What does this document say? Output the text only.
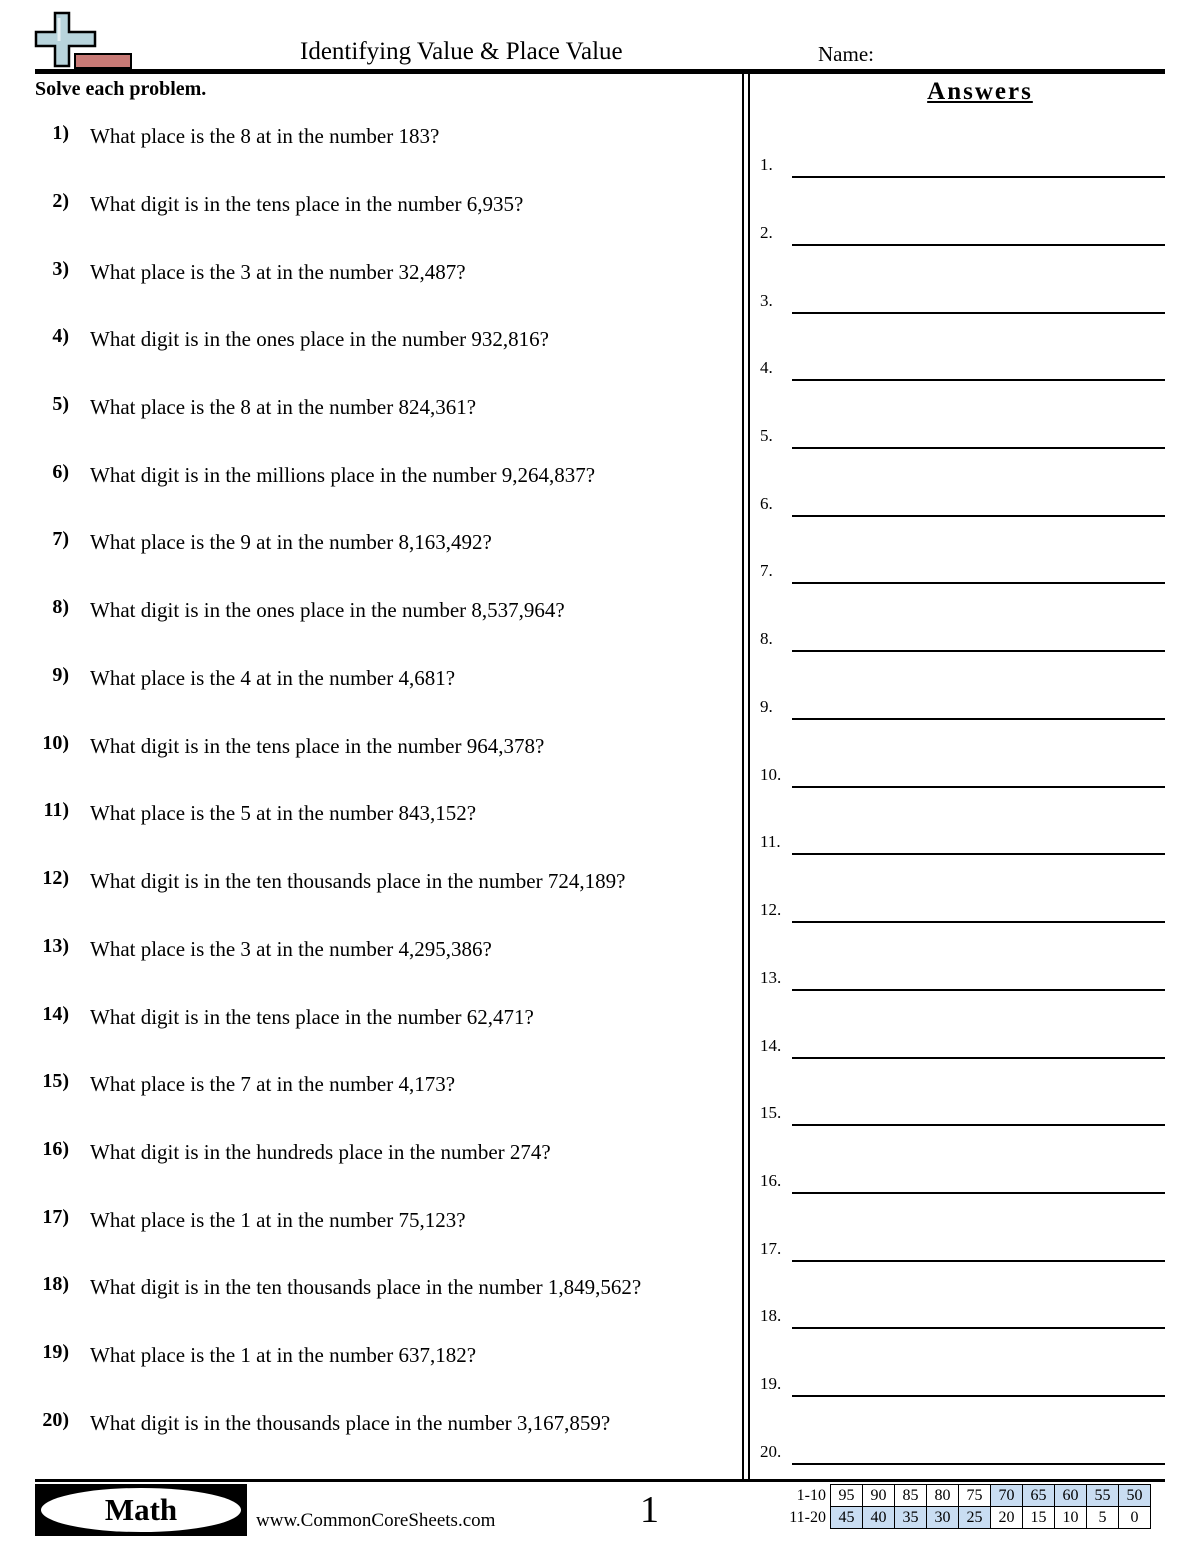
Identifying Value & Place Value	Name:
Solve each problem.
1) What place is the 8 at in the number 183?
2) What digit is in the tens place in the number 6,935?
3) What place is the 3 at in the number 32,487?
4) What digit is in the ones place in the number 932,816?
5) What place is the 8 at in the number 824,361?
6) What digit is in the millions place in the number 9,264,837?
7) What place is the 9 at in the number 8,163,492?
8) What digit is in the ones place in the number 8,537,964?
9) What place is the 4 at in the number 4,681?
10) What digit is in the tens place in the number 964,378?
11) What place is the 5 at in the number 843,152?
12) What digit is in the ten thousands place in the number 724,189?
13) What place is the 3 at in the number 4,295,386?
14) What digit is in the tens place in the number 62,471?
15) What place is the 7 at in the number 4,173?
16) What digit is in the hundreds place in the number 274?
17) What place is the 1 at in the number 75,123?
18) What digit is in the ten thousands place in the number 1,849,562?
19) What place is the 1 at in the number 637,182?
20) What digit is in the thousands place in the number 3,167,859?
Answers
1.
2.
3.
4.
5.
6.
7.
8.
9.
10.
11.
12.
13.
14.
15.
16.
17.
18.
19.
20.
Math	www.CommonCoreSheets.com	1	1-10	95	90	85	80	75	70	65	60	55	50
11-20	45	40	35	30	25	20	15	10	5	0
